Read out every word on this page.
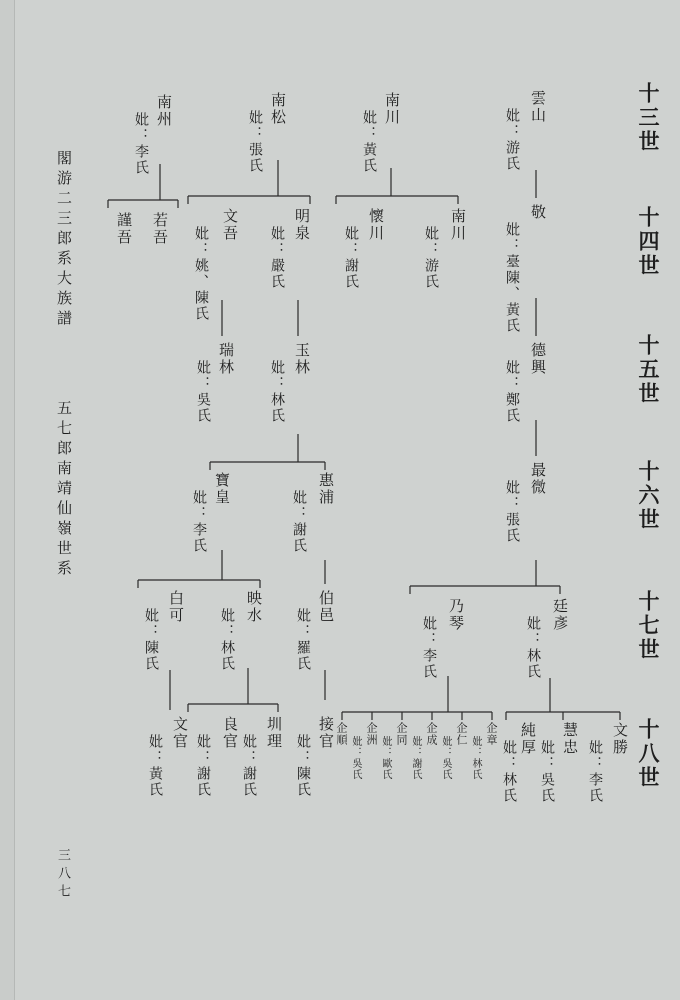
十三世
十四世
十五世
十六世
十七世
十八世
閣游二三郎系大族譜
五七郎南靖仙嶺世系
三八七
雲山
妣：游氏
敬
妣：臺陳、黃氏
德興
妣：鄭氏
最微
妣：張氏
廷彥
妣：林氏
乃琴
妣：李氏
文勝
妣：李氏
慧忠
妣：吳氏
純厚
妣：林氏
企章
妣：林氏
企仁
妣：吳氏
企成
妣：謝氏
企同
妣：歐氏
企洲
妣：吳氏
企順
南川
妣：黃氏
南川
妣：游氏
懷川
妣：謝氏
南松
妣：張氏
明泉
妣：嚴氏
文吾
妣：姚、陳氏
玉林
妣：林氏
瑞林
妣：吳氏
惠浦
妣：謝氏
寶皇
妣：李氏
伯邑
妣：羅氏
映水
妣：林氏
白可
妣：陳氏
接官
妣：陳氏
圳理
妣：謝氏
良官
妣：謝氏
文官
妣：黃氏
南州
妣：李氏
若吾
謹吾
